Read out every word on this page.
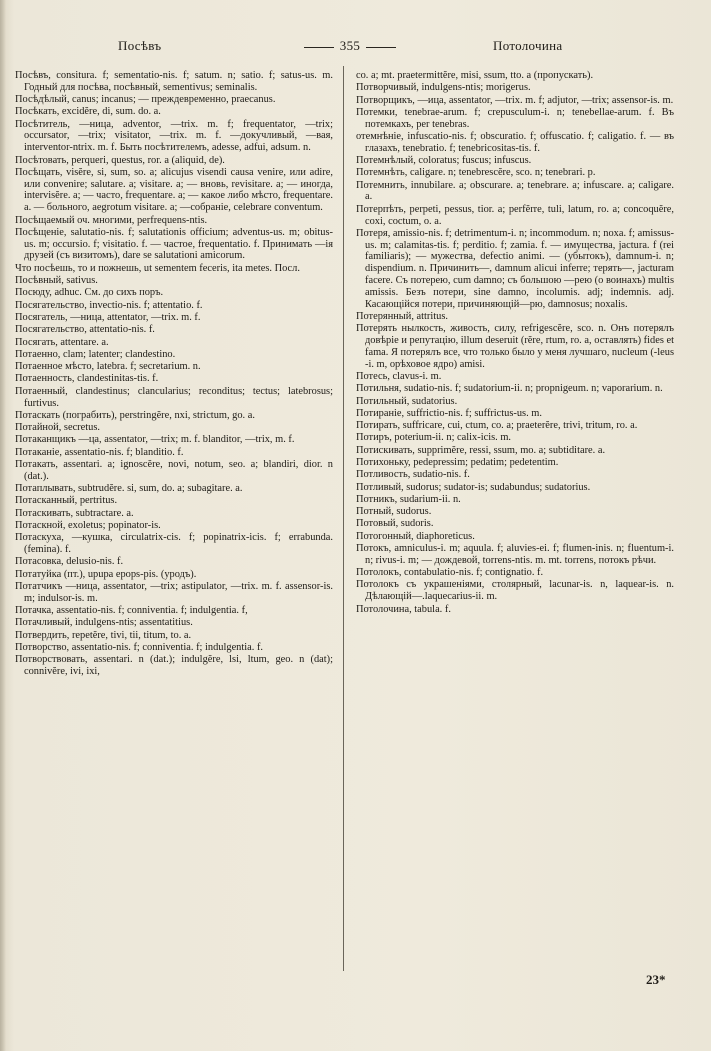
Посѣвъ	355	Потолочина
Посѣвъ, consitura. f; sementatio-nis. f; satum. n; satio. f; satus-us. m. Годный для посѣва, посѣвный, sementivus; seminalis.
Посѣдѣлый, canus; incanus; — преждевременно, praecanus.
Посѣкать, excidĕre, di, sum. do. a.
Посѣтитель, —ница, adventor, —trix. m. f; frequentator, —trix; occursator, —trix; visitator, —trix. m. f. —докучливый, —вая, interventor-ntrix. m. f. Быть посѣтителемъ, adesse, adfui, adsum. n.
Посѣтовать, perqueri, questus, ror. a (aliquid, de).
Посѣщать, visĕre, si, sum, so. a; alicujus visendi causa venire, или adire, или convenire; salutare. a; visitare. a; — вновь, revisitare. a; — иногда, intervisĕre. a; — часто, frequentare. a; — какое либо мѣсто, frequentare. a. — больного, aegrotum visitare. a; —собраніе, celebrare conventum.
Посѣщаемый оч. многими, perfrequens-ntis.
Посѣщеніе, salutatio-nis. f; salutationis officium; adventus-us. m; obitus-us. m; occursio. f; visitatio. f. — частое, frequentatio. f. Принимать —ія друзей (съ визитомъ), dare se salutationi amicorum.
Что посѣешь, то и пожнешь, ut sementem feceris, ita metes. Посл.
Посѣвный, sativus.
Посюду, adhuc. См. до сихъ поръ.
Посягательство, invectio-nis. f; attentatio. f.
Посягатель, —ница, attentator, —trix. m. f.
Посягательство, attentatio-nis. f.
Посягать, attentare. a.
Потаенно, clam; latenter; clandestino.
Потаенное мѣсто, latebra. f; secretarium. n.
Потаенность, clandestinitas-tis. f.
Потаенный, clandestinus; clancularius; reconditus; tectus; latebrosus; furtivus.
Потаскать (пограбить), perstringĕre, nxi, strictum, go. a.
Потайной, secretus.
Потаканщикъ —ца, assentator, —trix; m. f. blanditor, —trix, m. f.
Потаканіе, assentatio-nis. f; blanditio. f.
Потакать, assentari. a; ignoscĕre, novi, notum, seo. a; blandiri, dior. n (dat.).
Потаплывать, subtrudĕre. si, sum, do. a; subagitare. a.
Потасканный, pertritus.
Потаскивать, subtractare. a.
Потаскной, exoletus; popinator-is.
Потаскуха, —кушка, circulatrix-cis. f; popinatrix-icis. f; errabunda. (femina). f.
Потасовка, delusio-nis. f.
Потатуйка (пт.), upupa epops-pis. (уродъ).
Потатчикъ —ница, assentator, —trix; astipulator, —trix. m. f. assensor-is. m; indulsor-is. m.
Потачка, assentatio-nis. f; conniventia. f; indulgentia. f,
Потачливый, indulgens-ntis; assentatitius.
Потвердить, repetĕre, tivi, tii, titum, to. a.
Потворство, assentatio-nis. f; conniventia. f; indulgentia. f.
Потворствовать, assentari. n (dat.); indulgĕre, lsi, ltum, geo. n (dat); connivĕre, ivi, ixi,
co. a; mt. praetermittĕre, misi, ssum, tto. a (пропускать).
Потворчивый, indulgens-ntis; morigerus.
Потворщикъ, —ица, assentator, —trix. m. f; adjutor, —trix; assensor-is. m.
Потемки, tenebrae-arum. f; crepusculum-i. n; tenebellae-arum. f. Въ потемкахъ, per tenebras.
отемнѣніе, infuscatio-nis. f; obscuratio. f; offuscatio. f; caligatio. f. — въ глазахъ, tenebratio. f; tenebricositas-tis. f.
Потемнѣлый, coloratus; fuscus; infuscus.
Потемнѣть, caligare. n; tenebrescĕre, sco. n; tenebrari. p.
Потемнить, innubilare. a; obscurare. a; tenebrare. a; infuscare. a; caligare. a.
Потерпѣть, perpeti, pessus, tior. a; perfĕrre, tuli, latum, ro. a; concoquĕre, coxi, coctum, o. a.
Потеря, amissio-nis. f; detrimentum-i. n; incommodum. n; noxa. f; amissus-us. m; calamitas-tis. f; perditio. f; zamia. f. — имущества, jactura. f (rei familiaris); — мужества, defectio animi. — (убытокъ), damnum-i. n; dispendium. n. Причинить—, damnum alicui inferre; терять—, jacturam facere. Съ потерею, cum damno; съ большою —рею (о воинахъ) multis amissis. Безъ потери, sine damno, incolumis. adj; indemnis. adj. Касающійся потери, причиняющій—рю, damnosus; noxalis.
Потерянный, attritus.
Потерять нылкость, живость, силу, refrigescĕre, sco. n. Онъ потерялъ довѣріе и репутацію, illum deseruit (rĕre, rtum, ro. a, оставлять) fides et fama. Я потерялъ все, что только было у меня лучшаго, nucleum (-leus -i. m, орѣховое ядро) amisi.
Потесь, clavus-i. m.
Потильня, sudatio-nis. f; sudatorium-ii. n; propnigeum. n; vaporarium. n.
Потильный, sudatorius.
Потираніе, suffrictio-nis. f; suffrictus-us. m.
Потирать, suffricare, cui, ctum, co. a; praeterĕre, trivi, tritum, ro. a.
Потиръ, poterium-ii. n; calix-icis. m.
Потискивать, supprimĕre, ressi, ssum, mo. a; subtiditare. a.
Потихоньку, pedepressim; pedatim; pedetentim.
Потливость, sudatio-nis. f.
Потливый, sudorus; sudator-is; sudabundus; sudatorius.
Потникъ, sudarium-ii. n.
Потный, sudorus.
Потовый, sudoris.
Потогонный, diaphoreticus.
Потокъ, amniculus-i. m; aquula. f; aluvies-ei. f; flumen-inis. n; fluentum-i. n; rivus-i. m; — дождевой, torrens-ntis. m. mt. torrens, потокъ рѣчи.
Потолокъ, contabulatio-nis. f; contignatio. f.
Потолокъ съ украшеніями, столярный, lacunar-is. n, laquear-is. n. Дѣлающій—.laquecarius-ii. m.
Потолочина, tabula. f.
23*
